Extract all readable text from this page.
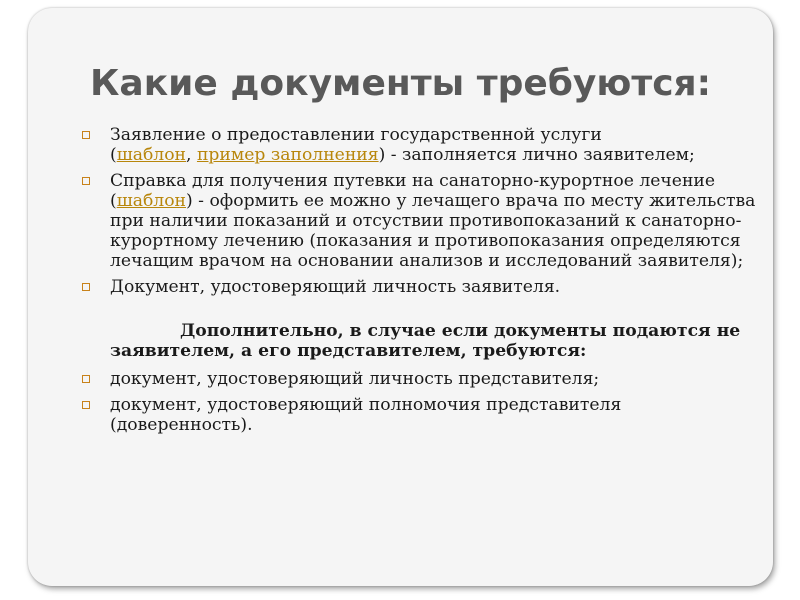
Какие документы требуются:
Заявление о предоставлении государственной услуги
(шаблон, пример заполнения) - заполняется лично заявителем;
Справка для получения путевки на санаторно-курортное лечение (шаблон) - оформить ее можно у лечащего врача по месту жительства при наличии показаний и отсуствии противопоказаний к санаторно-курортному лечению (показания и противопоказания определяются лечащим врачом на основании анализов и исследований заявителя);
Документ, удостоверяющий личность заявителя.
Дополнительно, в случае если документы подаются не заявителем, а его представителем, требуются:
документ, удостоверяющий личность представителя;
документ, удостоверяющий полномочия представителя (доверенность).
